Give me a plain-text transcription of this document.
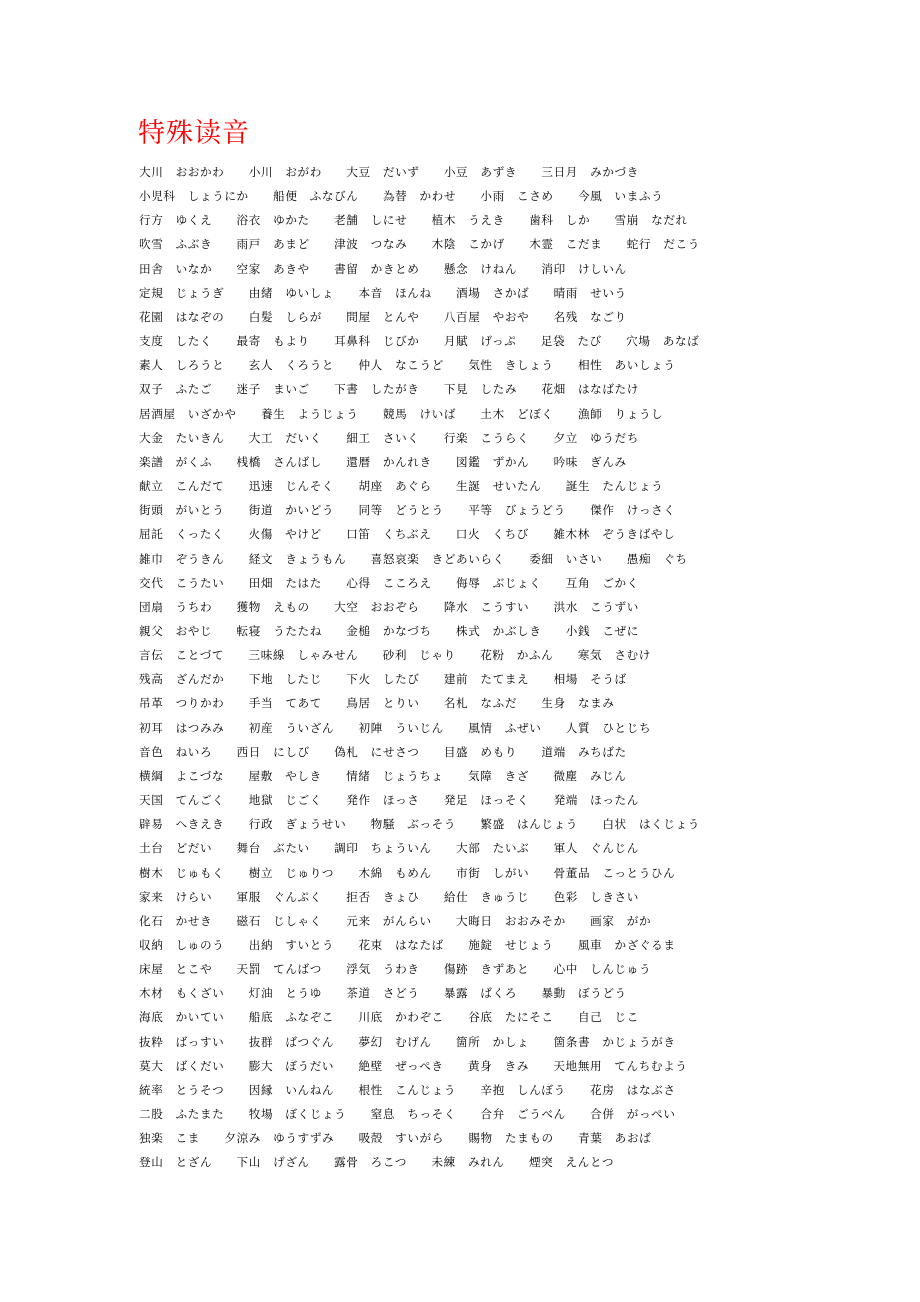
特殊读音
大川　おおかわ　　小川　おがわ　　大豆　だいず　　小豆　あずき　　三日月　みかづき
小児科　しょうにか　　船便　ふなびん　　為替　かわせ　　小雨　こさめ　　今風　いまふう
行方　ゆくえ　　浴衣　ゆかた　　老舗　しにせ　　植木　うえき　　歯科　しか　　雪崩　なだれ
吹雪　ふぶき　　雨戸　あまど　　津波　つなみ　　木陰　こかげ　　木霊　こだま　　蛇行　だこう
田舎　いなか　　空家　あきや　　書留　かきとめ　　懸念　けねん　　消印　けしいん
定規　じょうぎ　　由緒　ゆいしょ　　本音　ほんね　　酒場　さかば　　晴雨　せいう
花園　はなぞの　　白髪　しらが　　問屋　とんや　　八百屋　やおや　　名残　なごり
支度　したく　　最寄　もより　　耳鼻科　じびか　　月賦　げっぷ　　足袋　たび　　穴場　あなば
素人　しろうと　　玄人　くろうと　　仲人　なこうど　　気性　きしょう　　相性　あいしょう
双子　ふたご　　迷子　まいご　　下書　したがき　　下見　したみ　　花畑　はなばたけ
居酒屋　いざかや　　養生　ようじょう　　競馬　けいば　　土木　どぼく　　漁師　りょうし
大金　たいきん　　大工　だいく　　細工　さいく　　行楽　こうらく　　夕立　ゆうだち
楽譜　がくふ　　桟橋　さんばし　　還暦　かんれき　　図鑑　ずかん　　吟味　ぎんみ
献立　こんだて　　迅速　じんそく　　胡座　あぐら　　生誕　せいたん　　誕生　たんじょう
街頭　がいとう　　街道　かいどう　　同等　どうとう　　平等　びょうどう　　傑作　けっさく
屈託　くったく　　火傷　やけど　　口笛　くちぶえ　　口火　くちび　　雑木林　ぞうきばやし
雑巾　ぞうきん　　経文　きょうもん　　喜怒哀楽　きどあいらく　　委細　いさい　　愚痴　ぐち
交代　こうたい　　田畑　たはた　　心得　こころえ　　侮辱　ぶじょく　　互角　ごかく
団扇　うちわ　　獲物　えもの　　大空　おおぞら　　降水　こうすい　　洪水　こうずい
親父　おやじ　　転寝　うたたね　　金槌　かなづち　　株式　かぶしき　　小銭　こぜに
言伝　ことづて　　三味線　しゃみせん　　砂利　じゃり　　花粉　かふん　　寒気　さむけ
残高　ざんだか　　下地　したじ　　下火　したび　　建前　たてまえ　　相場　そうば
吊革　つりかわ　　手当　てあて　　鳥居　とりい　　名札　なふだ　　生身　なまみ
初耳　はつみみ　　初産　ういざん　　初陣　ういじん　　風情　ふぜい　　人質　ひとじち
音色　ねいろ　　西日　にしび　　偽札　にせさつ　　目盛　めもり　　道端　みちばた
横綱　よこづな　　屋敷　やしき　　情緒　じょうちょ　　気障　きざ　　微塵　みじん
天国　てんごく　　地獄　じごく　　発作　ほっさ　　発足　ほっそく　　発端　ほったん
辟易　へきえき　　行政　ぎょうせい　　物騒　ぶっそう　　繁盛　はんじょう　　白状　はくじょう
土台　どだい　　舞台　ぶたい　　調印　ちょういん　　大部　たいぶ　　軍人　ぐんじん
樹木　じゅもく　　樹立　じゅりつ　　木綿　もめん　　市街　しがい　　骨董品　こっとうひん
家来　けらい　　軍服　ぐんぷく　　拒否　きょひ　　給仕　きゅうじ　　色彩　しきさい
化石　かせき　　磁石　じしゃく　　元来　がんらい　　大晦日　おおみそか　　画家　がか
収納　しゅのう　　出納　すいとう　　花束　はなたば　　施錠　せじょう　　風車　かざぐるま
床屋　とこや　　天罰　てんばつ　　浮気　うわき　　傷跡　きずあと　　心中　しんじゅう
木材　もくざい　　灯油　とうゆ　　茶道　さどう　　暴露　ばくろ　　暴動　ぼうどう
海底　かいてい　　船底　ふなぞこ　　川底　かわぞこ　　谷底　たにそこ　　自己　じこ
抜粋　ばっすい　　抜群　ばつぐん　　夢幻　むげん　　箇所　かしょ　　箇条書　かじょうがき
莫大　ばくだい　　膨大　ぼうだい　　絶壁　ぜっぺき　　黄身　きみ　　天地無用　てんちむよう
統率　とうそつ　　因縁　いんねん　　根性　こんじょう　　辛抱　しんぼう　　花房　はなぶさ
二股　ふたまた　　牧場　ぼくじょう　　窒息　ちっそく　　合弁　ごうべん　　合併　がっぺい
独楽　こま　　夕涼み　ゆうすずみ　　吸殻　すいがら　　賜物　たまもの　　青葉　あおば
登山　とざん　　下山　げざん　　露骨　ろこつ　　未練　みれん　　煙突　えんとつ
